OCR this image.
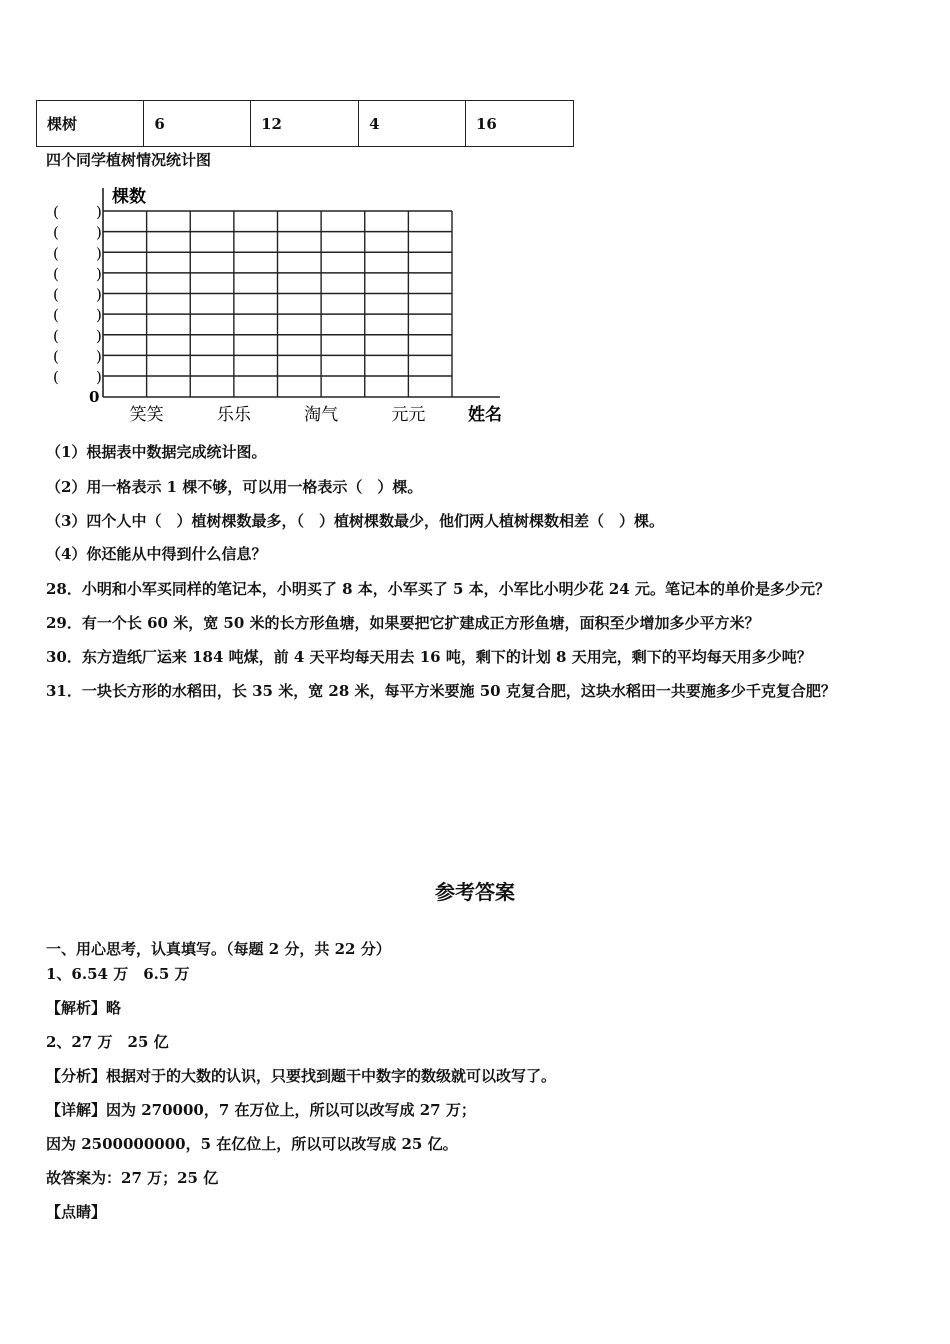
棵树	6	12	4	16
四个同学植树情况统计图
棵数
0
( )
( )
( )
( )
( )
( )
( )
( )
( )
笑笑	乐乐	淘气	元元	姓名
（1）根据表中数据完成统计图。
（2）用一格表示 1 棵不够，可以用一格表示（　）棵。
（3）四个人中（　）植树棵数最多，（　）植树棵数最少，他们两人植树棵数相差（　）棵。
（4）你还能从中得到什么信息？
28．小明和小军买同样的笔记本，小明买了 8 本，小军买了 5 本，小军比小明少花 24 元。笔记本的单价是多少元？
29．有一个长 60 米，宽 50 米的长方形鱼塘，如果要把它扩建成正方形鱼塘，面积至少增加多少平方米？
30．东方造纸厂运来 184 吨煤，前 4 天平均每天用去 16 吨，剩下的计划 8 天用完，剩下的平均每天用多少吨？
31．一块长方形的水稻田，长 35 米，宽 28 米，每平方米要施 50 克复合肥，这块水稻田一共要施多少千克复合肥？
参考答案
一、用心思考，认真填写。（每题 2 分，共 22 分）
1、6.54 万　6.5 万
【解析】略
2、27 万　25 亿
【分析】根据对于的大数的认识，只要找到题干中数字的数级就可以改写了。
【详解】因为 270000，7 在万位上，所以可以改写成 27 万；
因为 2500000000，5 在亿位上，所以可以改写成 25 亿。
故答案为：27 万；25 亿
【点睛】
